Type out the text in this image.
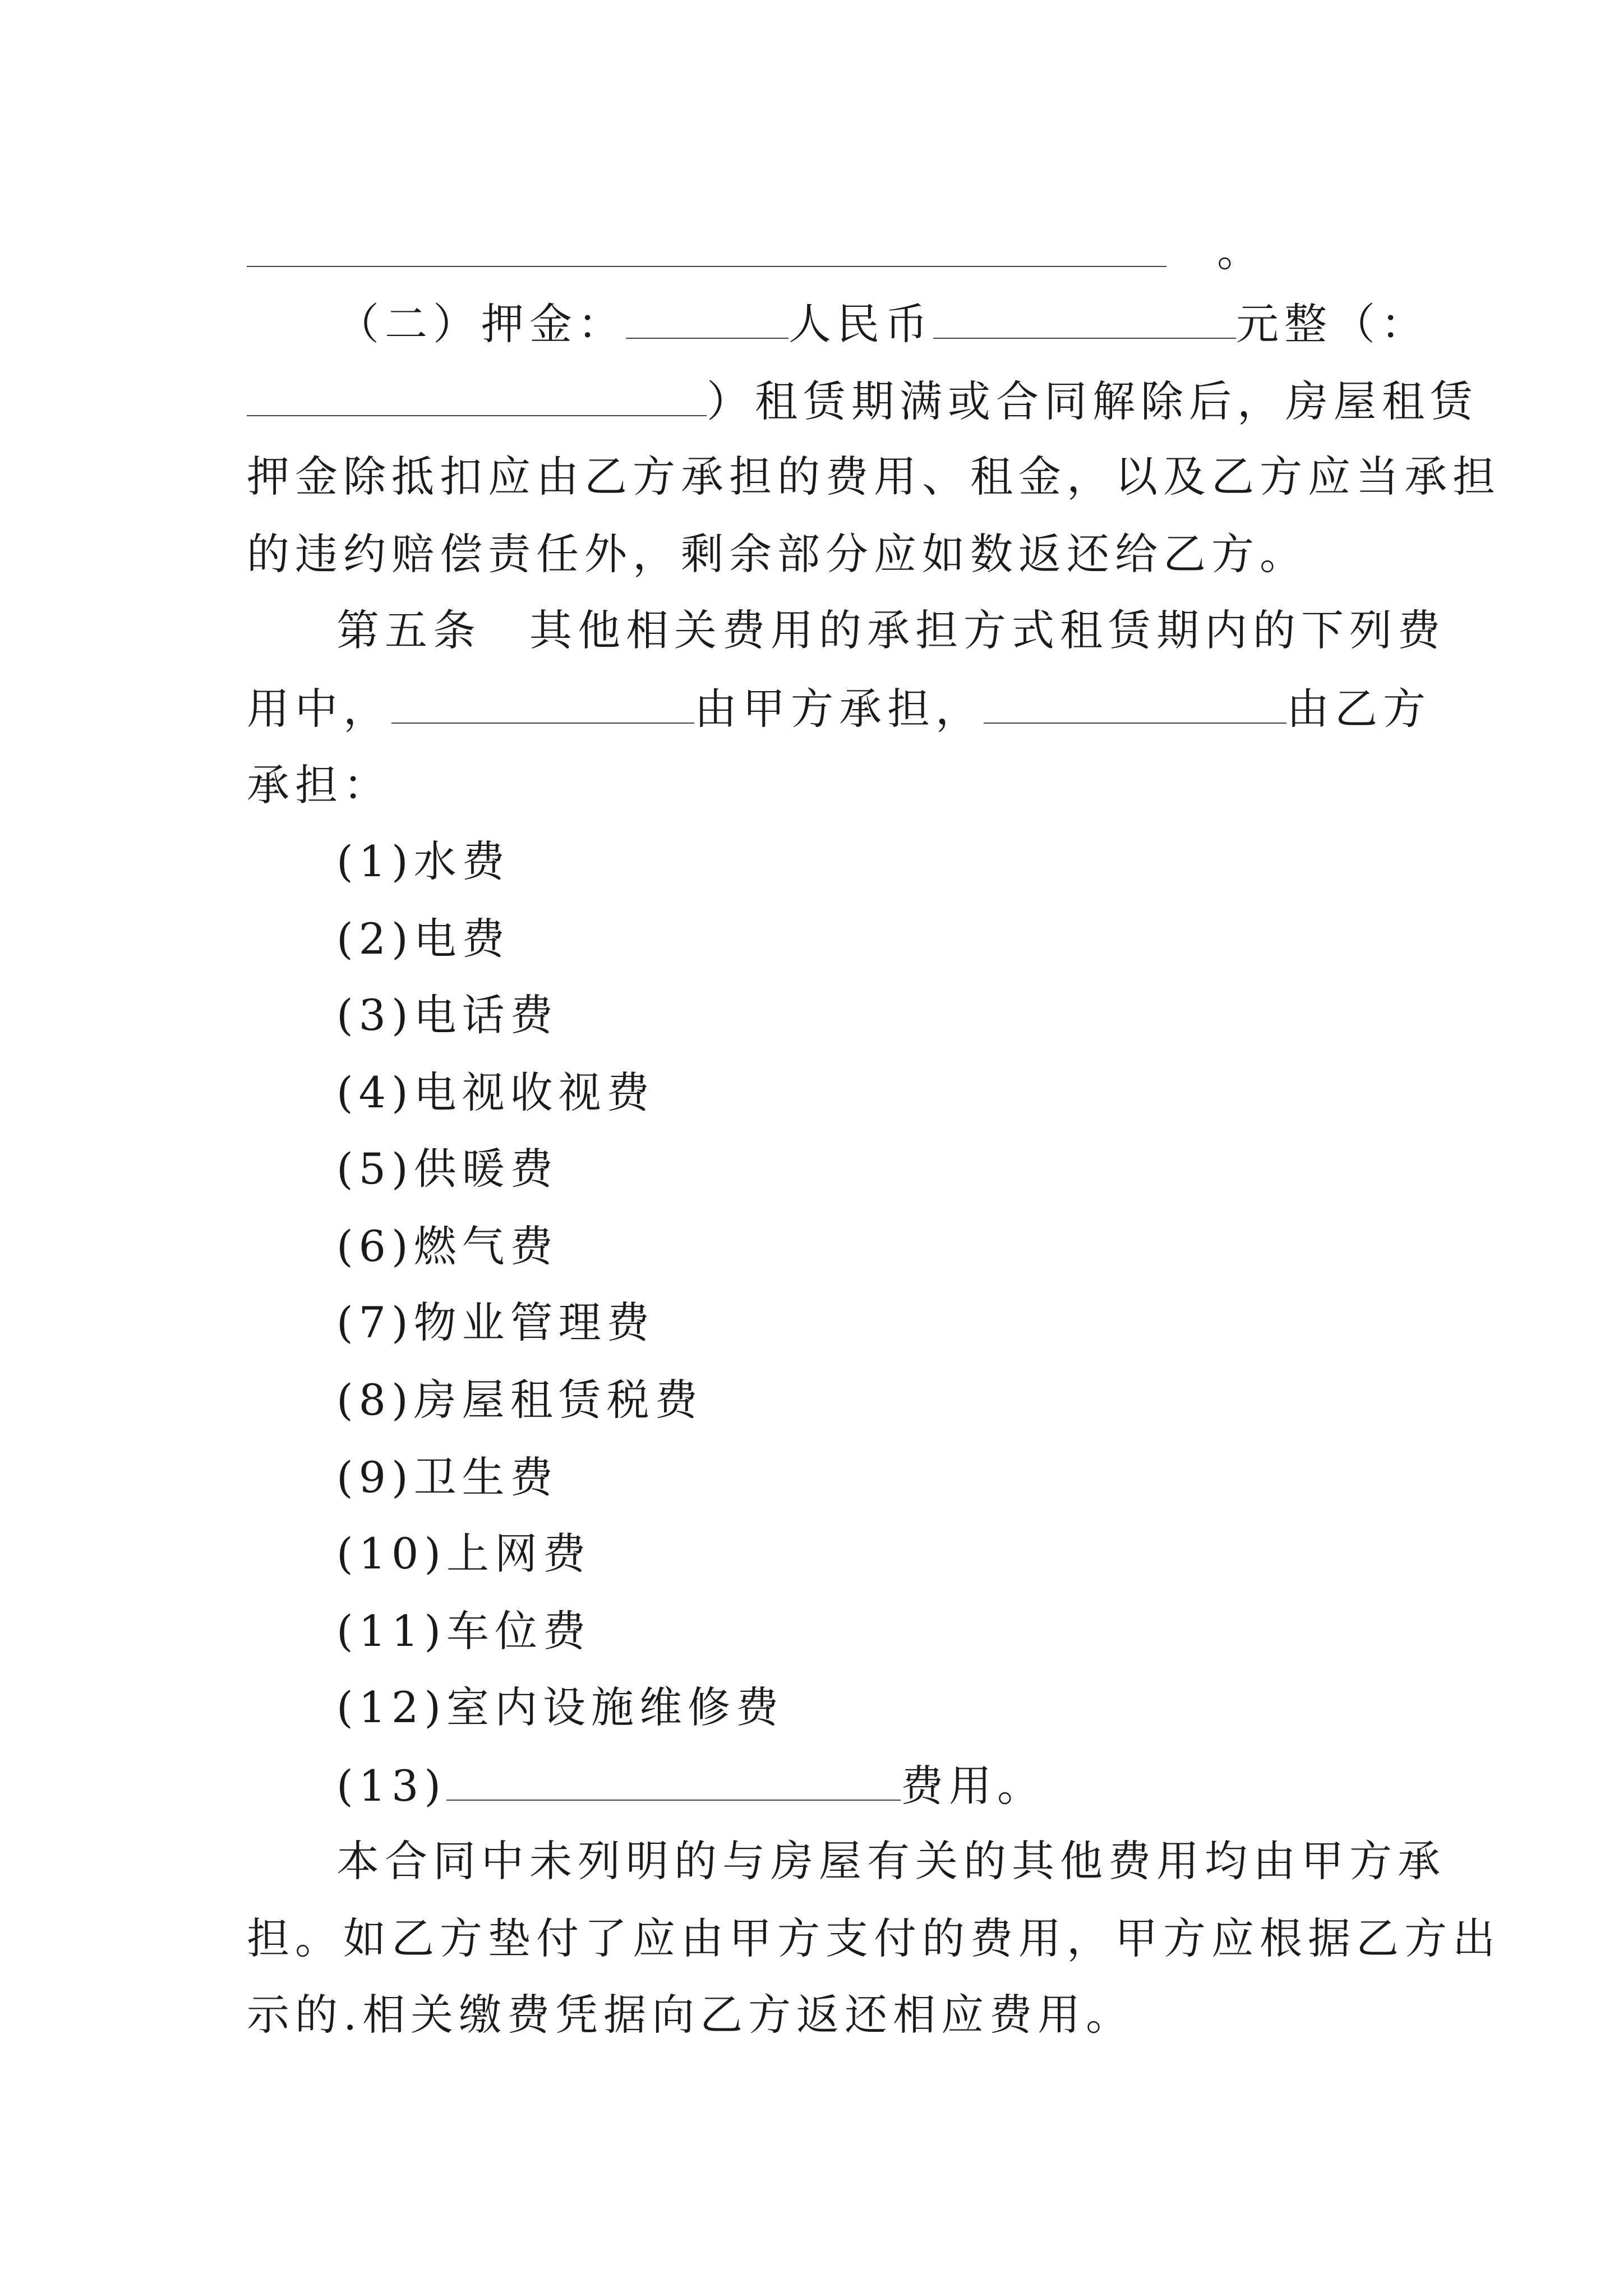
。
（二）押金：	人民币	元整（：
）租赁期满或合同解除后，房屋租赁
押金除抵扣应由乙方承担的费用、租金，以及乙方应当承担
的违约赔偿责任外，剩余部分应如数返还给乙方。
第五条　其他相关费用的承担方式租赁期内的下列费
用中，	由甲方承担，	由乙方
承担：
(1)水费
(2)电费
(3)电话费
(4)电视收视费
(5)供暖费
(6)燃气费
(7)物业管理费
(8)房屋租赁税费
(9)卫生费
(10)上网费
(11)车位费
(12)室内设施维修费
(13)	费用。
本合同中未列明的与房屋有关的其他费用均由甲方承
担。如乙方垫付了应由甲方支付的费用，甲方应根据乙方出
示的.相关缴费凭据向乙方返还相应费用。
